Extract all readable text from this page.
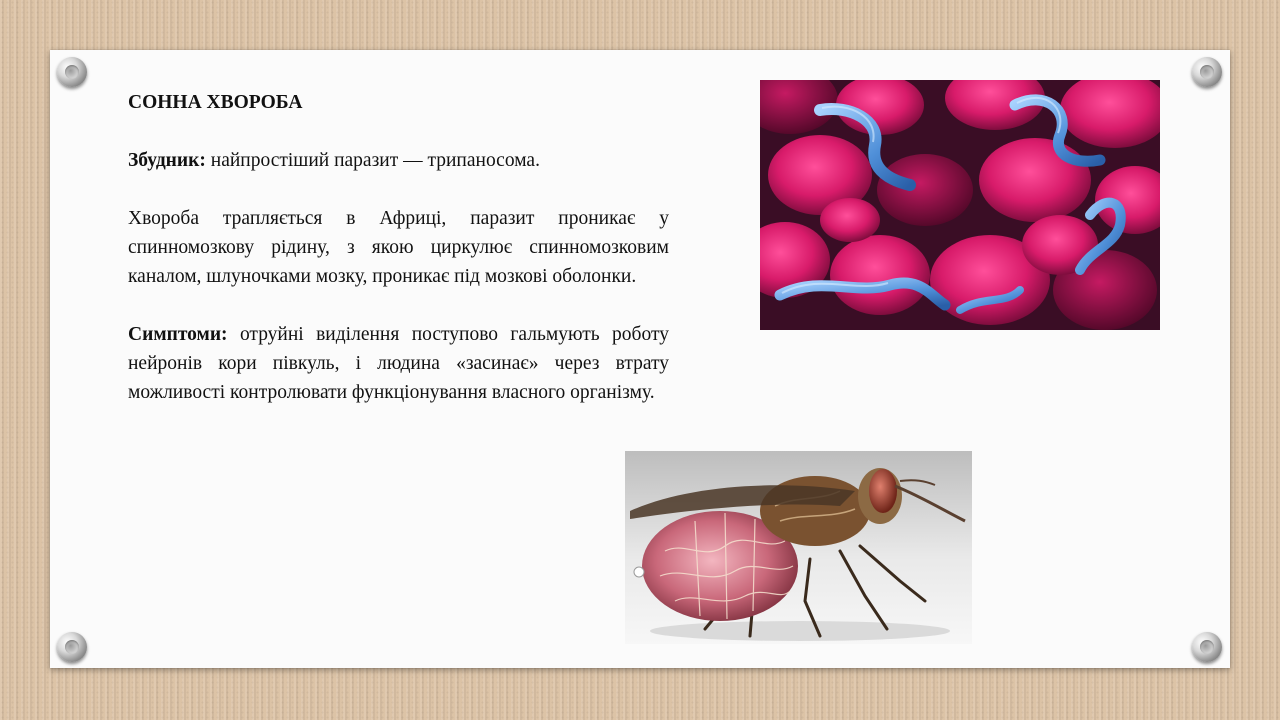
СОННА ХВОРОБА

Збудник: найпростіший паразит — трипаносома.

Хвороба трапляється в Африці, паразит проникає у спинномозкову рідину, з якою циркулює спинномозковим каналом, шлуночками мозку, проникає під мозкові оболонки.

Симптоми: отруйні виділення поступово гальмують роботу нейронів кори півкуль, і людина «засинає» через втрату можливості контролювати функціонування власного організму.
